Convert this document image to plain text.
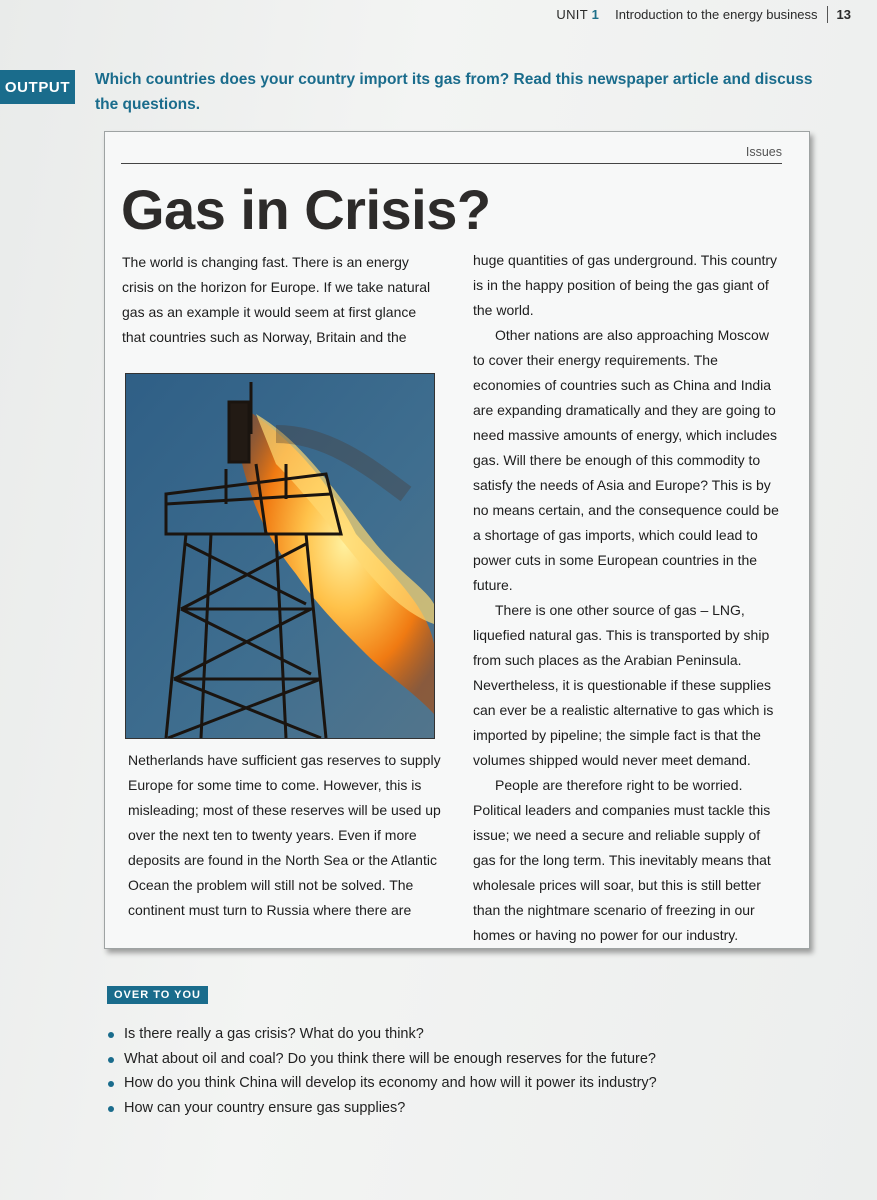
UNIT 1 Introduction to the energy business 13
OUTPUT	Which countries does your country import its gas from? Read this newspaper article and discuss the questions.
Issues
Gas in Crisis?

The world is changing fast. There is an energy crisis on the horizon for Europe. If we take natural gas as an example it would seem at first glance that countries such as Norway, Britain and the

Netherlands have sufficient gas reserves to supply Europe for some time to come. However, this is misleading; most of these reserves will be used up over the next ten to twenty years. Even if more deposits are found in the North Sea or the Atlantic Ocean the problem will still not be solved. The continent must turn to Russia where there are

huge quantities of gas underground. This country is in the happy position of being the gas giant of the world.

Other nations are also approaching Moscow to cover their energy requirements. The economies of countries such as China and India are expanding dramatically and they are going to need massive amounts of energy, which includes gas. Will there be enough of this commodity to satisfy the needs of Asia and Europe? This is by no means certain, and the consequence could be a shortage of gas imports, which could lead to power cuts in some European countries in the future.

There is one other source of gas – LNG, liquefied natural gas. This is transported by ship from such places as the Arabian Peninsula. Nevertheless, it is questionable if these supplies can ever be a realistic alternative to gas which is imported by pipeline; the simple fact is that the volumes shipped would never meet demand.

People are therefore right to be worried. Political leaders and companies must tackle this issue; we need a secure and reliable supply of gas for the long term. This inevitably means that wholesale prices will soar, but this is still better than the nightmare scenario of freezing in our homes or having no power for our industry.

OVER TO YOU
Is there really a gas crisis? What do you think?
What about oil and coal? Do you think there will be enough reserves for the future?
How do you think China will develop its economy and how will it power its industry?
How can your country ensure gas supplies?
